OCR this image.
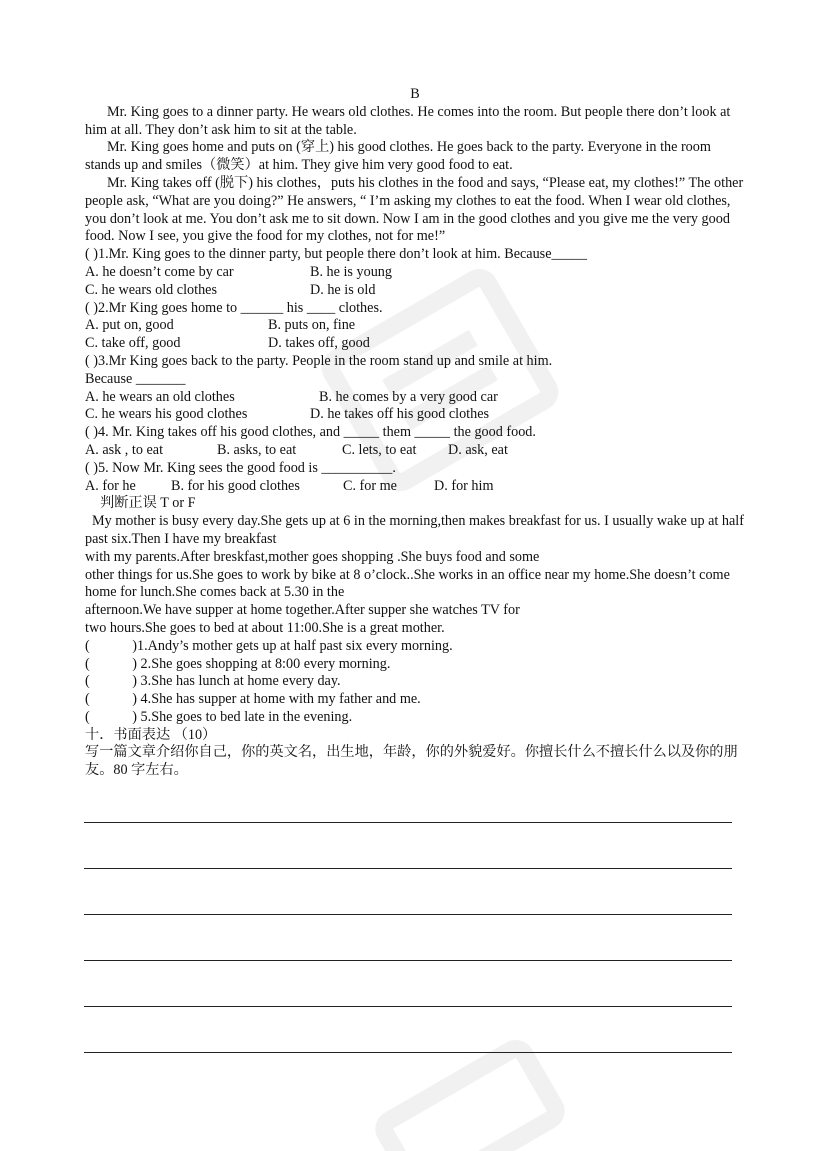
B

Mr. King goes to a dinner party. He wears old clothes. He comes into the room. But people there don’t look at him at all. They don’t ask him to sit at the table.

Mr. King goes home and puts on (穿上) his good clothes. He goes back to the party. Everyone in the room stands up and smiles（微笑）at him. They give him very good food to eat.

Mr. King takes off (脱下) his clothes，puts his clothes in the food and says, “Please eat, my clothes!” The other people ask, “What are you doing?” He answers, “ I’m asking my clothes to eat the food. When I wear old clothes, you don’t look at me. You don’t ask me to sit down. Now I am in the good clothes and you give me the very good food. Now I see, you give the food for my clothes, not for me!”

( )1.Mr. King goes to the dinner party, but people there don’t look at him. Because_____

A. he doesn’t come by car	B. he is young
C. he wears old clothes	D. he is old

( )2.Mr King goes home to ______ his ____ clothes.

A. put on, good	B. puts on, fine
C. take off, good	D. takes off, good

( )3.Mr King goes back to the party. People in the room stand up and smile at him.

Because _______

A. he wears an old clothes	B. he comes by a very good car
C. he wears his good clothes	D. he takes off his good clothes

( )4. Mr. King takes off his good clothes, and _____ them _____ the good food.

A. ask , to eat	B. asks, to eat	C. lets, to eat D. ask, eat

( )5. Now Mr. King sees the good food is __________.

A. for he B. for his good clothes	C. for me	D. for him

判断正误 T or F

My mother is busy every day.She gets up at 6 in the morning,then makes breakfast for us. I usually wake up at half past six.Then I have my breakfast

with my parents.After breskfast,mother goes shopping .She buys food and some

other things for us.She goes to work by bike at 8 o’clock..She works in an office near my home.She doesn’t come home for lunch.She comes back at 5.30 in the

afternoon.We have supper at home together.After supper she watches TV for

two hours.She goes to bed at about 11:00.She is a great mother.

(            )1.Andy’s mother gets up at half past six every morning.

(            ) 2.She goes shopping at 8:00 every morning.

(            ) 3.She has lunch at home every day.

(            ) 4.She has supper at home with my father and me.

(            ) 5.She goes to bed late in the evening.

十．书面表达 （10）

写一篇文章介绍你自己，你的英文名，出生地，年龄，你的外貌爱好。你擅长什么不擅长什么以及你的朋友。80 字左右。
